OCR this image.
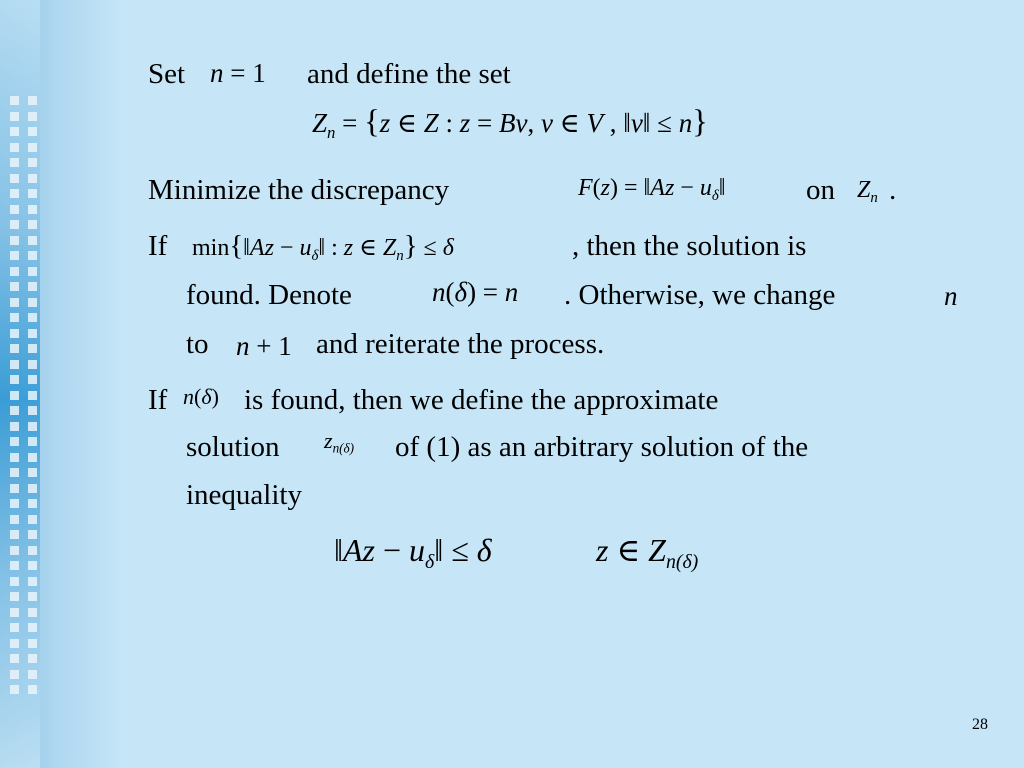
Set n = 1 and define the set
$Z_n = \{z$ ∈ Z : z = Bv, v ∈ V , ‖v‖ ≤ n}
Minimize the discrepancy	F(z) = ‖Az − $u_\delta‖$	on $Z_n$ .
If min{‖Az − $u_\delta‖$ : z ∈ $Z_n\} \le \delta$	, then the solution is
found. Denote	n(δ) = n . Otherwise, we change	n
to n + 1 and reiterate the process.
If n(δ) is found, then we define the approximate
solution $z_{n(\delta)}$ of (1) as an arbitrary solution of the
inequality
‖Az − $u_\delta‖ \le \delta$	z ∈ $Z_{n(\delta)}$
28
